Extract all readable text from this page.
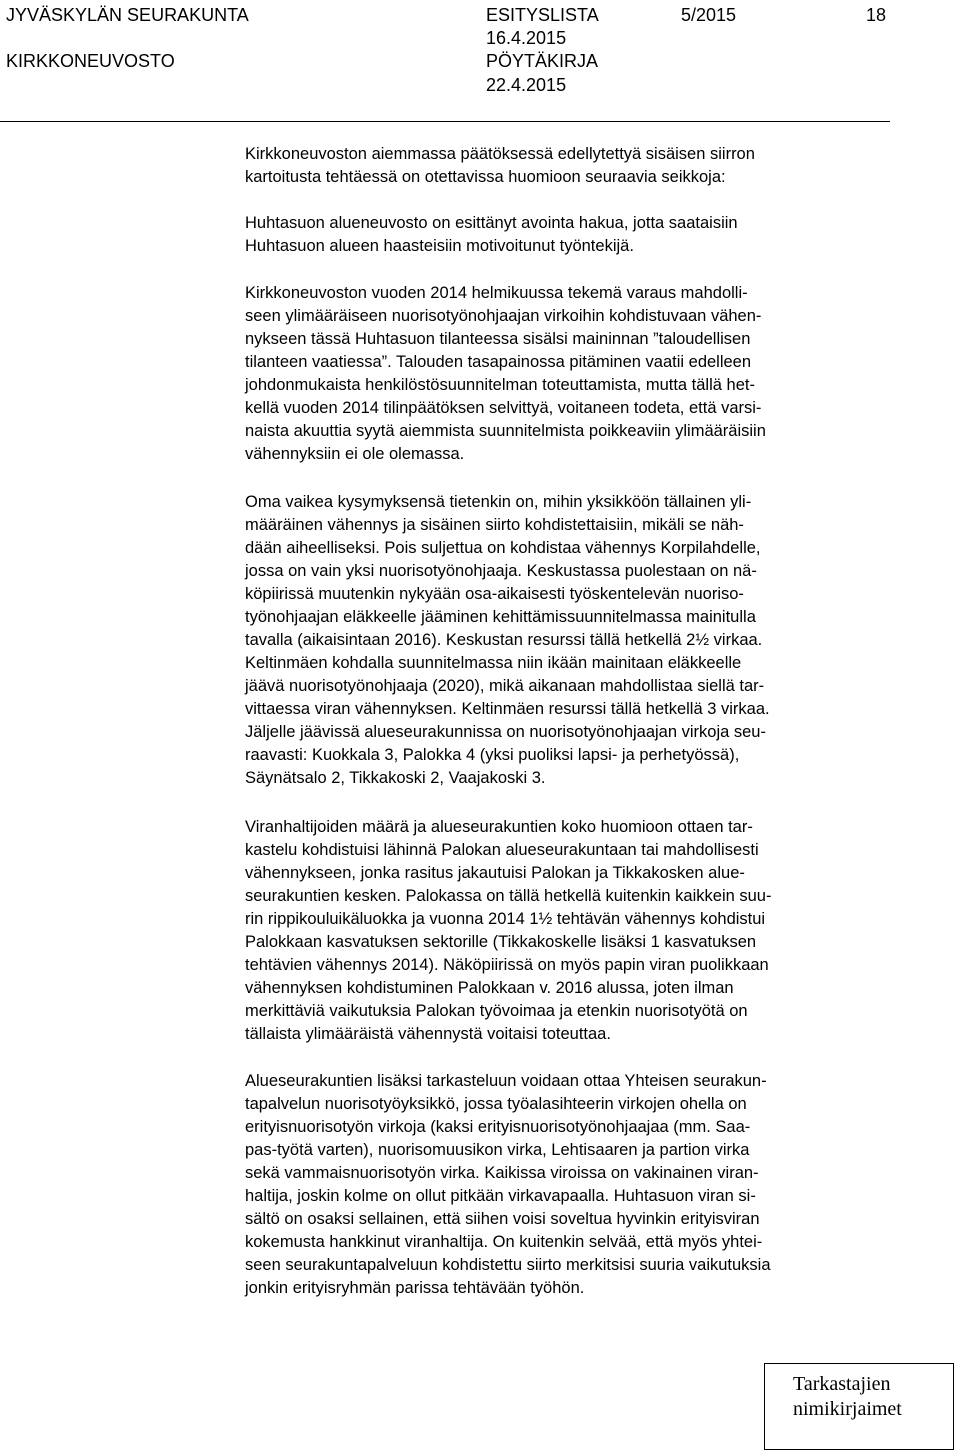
JYVÄSKYLÄN SEURAKUNTA
KIRKKONEUVOSTO
ESITYSLISTA
16.4.2015
PÖYTÄKIRJA
22.4.2015
5/2015	18

Kirkkoneuvoston aiemmassa päätöksessä edellytettyä sisäisen siirron
kartoitusta tehtäessä on otettavissa huomioon seuraavia seikkoja:

Huhtasuon alueneuvosto on esittänyt avointa hakua, jotta saataisiin
Huhtasuon alueen haasteisiin motivoitunut työntekijä.

Kirkkoneuvoston vuoden 2014 helmikuussa tekemä varaus mahdolli-
seen ylimääräiseen nuorisotyönohjaajan virkoihin kohdistuvaan vähen-
nykseen tässä Huhtasuon tilanteessa sisälsi maininnan ”taloudellisen
tilanteen vaatiessa”. Talouden tasapainossa pitäminen vaatii edelleen
johdonmukaista henkilöstösuunnitelman toteuttamista, mutta tällä het-
kellä vuoden 2014 tilinpäätöksen selvittyä, voitaneen todeta, että varsi-
naista akuuttia syytä aiemmista suunnitelmista poikkeaviin ylimääräisiin
vähennyksiin ei ole olemassa.

Oma vaikea kysymyksensä tietenkin on, mihin yksikköön tällainen yli-
määräinen vähennys ja sisäinen siirto kohdistettaisiin, mikäli se näh-
dään aiheelliseksi. Pois suljettua on kohdistaa vähennys Korpilahdelle,
jossa on vain yksi nuorisotyönohjaaja. Keskustassa puolestaan on nä-
köpiirissä muutenkin nykyään osa-aikaisesti työskentelevän nuoriso-
työnohjaajan eläkkeelle jääminen kehittämissuunnitelmassa mainitulla
tavalla (aikaisintaan 2016). Keskustan resurssi tällä hetkellä 2½ virkaa.
Keltinmäen kohdalla suunnitelmassa niin ikään mainitaan eläkkeelle
jäävä nuorisotyönohjaaja (2020), mikä aikanaan mahdollistaa siellä tar-
vittaessa viran vähennyksen. Keltinmäen resurssi tällä hetkellä 3 virkaa.
Jäljelle jäävissä alueseurakunnissa on nuorisotyönohjaajan virkoja seu-
raavasti: Kuokkala 3, Palokka 4 (yksi puoliksi lapsi- ja perhetyössä),
Säynätsalo 2, Tikkakoski 2, Vaajakoski 3.

Viranhaltijoiden määrä ja alueseurakuntien koko huomioon ottaen tar-
kastelu kohdistuisi lähinnä Palokan alueseurakuntaan tai mahdollisesti
vähennykseen, jonka rasitus jakautuisi Palokan ja Tikkakosken alue-
seurakuntien kesken. Palokassa on tällä hetkellä kuitenkin kaikkein suu-
rin rippikouluikäluokka ja vuonna 2014 1½ tehtävän vähennys kohdistui
Palokkaan kasvatuksen sektorille (Tikkakoskelle lisäksi 1 kasvatuksen
tehtävien vähennys 2014). Näköpiirissä on myös papin viran puolikkaan
vähennyksen kohdistuminen Palokkaan v. 2016 alussa, joten ilman
merkittäviä vaikutuksia Palokan työvoimaa ja etenkin nuorisotyötä on
tällaista ylimääräistä vähennystä voitaisi toteuttaa.

Alueseurakuntien lisäksi tarkasteluun voidaan ottaa Yhteisen seurakun-
tapalvelun nuorisotyöyksikkö, jossa työalasihteerin virkojen ohella on
erityisnuorisotyön virkoja (kaksi erityisnuorisotyönohjaajaa (mm. Saa-
pas-työtä varten), nuorisomuusikon virka, Lehtisaaren ja partion virka
sekä vammaisnuorisotyön virka. Kaikissa viroissa on vakinainen viran-
haltija, joskin kolme on ollut pitkään virkavapaalla. Huhtasuon viran si-
sältö on osaksi sellainen, että siihen voisi soveltua hyvinkin erityisviran
kokemusta hankkinut viranhaltija. On kuitenkin selvää, että myös yhtei-
seen seurakuntapalveluun kohdistettu siirto merkitsisi suuria vaikutuksia
jonkin erityisryhmän parissa tehtävään työhön.

Tarkastajien
nimikirjaimet
